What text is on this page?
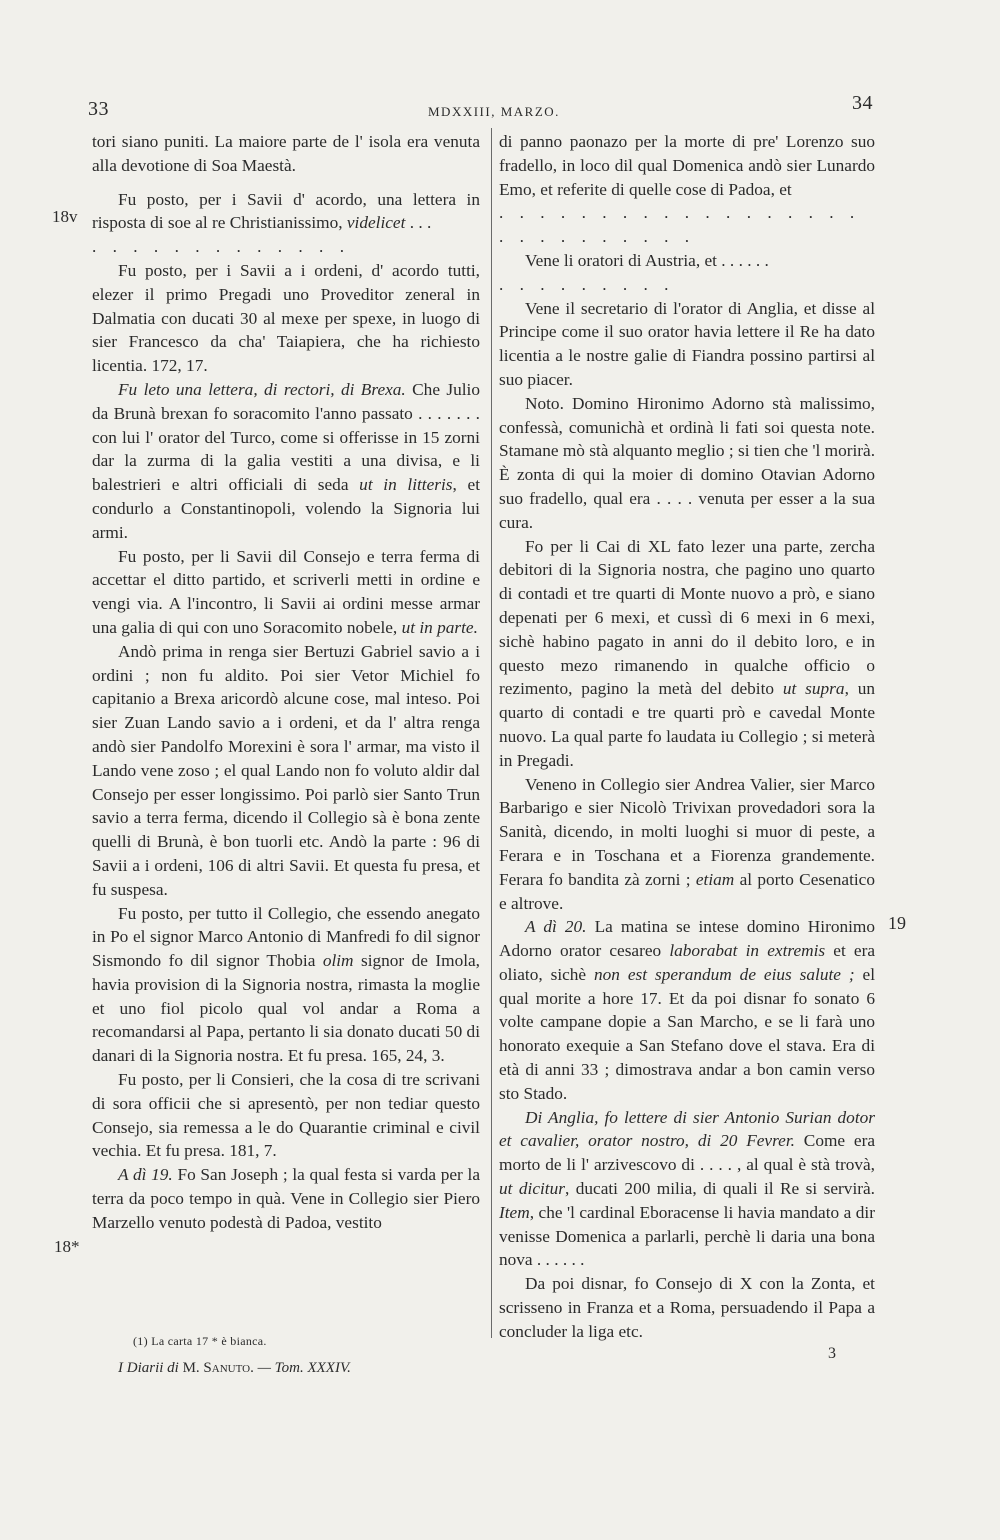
33	MDXXIII, MARZO.	34
18v
18*
19

tori siano puniti. La maiore parte de l' isola era venuta alla devotione di Soa Maestà.

Fu posto, per i Savii d' acordo, una lettera in risposta di soe al re Christianissimo, videlicet . . .

. . . . . . . . . . . . .

Fu posto, per i Savii a i ordeni, d' acordo tutti, elezer il primo Pregadi uno Proveditor zeneral in Dalmatia con ducati 30 al mexe per spexe, in luogo di sier Francesco da cha' Taiapiera, che ha richiesto licentia. 172, 17.

Fu leto una lettera, di rectori, di Brexa. Che Julio da Brunà brexan fo soracomito l'anno passato . . . . . . . con lui l' orator del Turco, come si offerisse in 15 zorni dar la zurma di la galia vestiti a una divisa, e li balestrieri e altri officiali di seda ut in litteris, et condurlo a Constantinopoli, volendo la Signoria lui armi.

Fu posto, per li Savii dil Consejo e terra ferma di accettar el ditto partido, et scriverli metti in ordine e vengi via. A l'incontro, li Savii ai ordini messe armar una galia di qui con uno Soracomito nobele, ut in parte.

Andò prima in renga sier Bertuzi Gabriel savio a i ordini ; non fu aldito. Poi sier Vetor Michiel fo capitanio a Brexa aricordò alcune cose, mal inteso. Poi sier Zuan Lando savio a i ordeni, et da l' altra renga andò sier Pandolfo Morexini è sora l' armar, ma visto il Lando vene zoso ; el qual Lando non fo voluto aldir dal Consejo per esser longissimo. Poi parlò sier Santo Trun savio a terra ferma, dicendo il Collegio sà è bona zente quelli di Brunà, è bon tuorli etc. Andò la parte : 96 di Savii a i ordeni, 106 di altri Savii. Et questa fu presa, et fu suspesa.

Fu posto, per tutto il Collegio, che essendo anegato in Po el signor Marco Antonio di Manfredi fo dil signor Sismondo fo dil signor Thobia olim signor de Imola, havia provision di la Signoria nostra, rimasta la moglie et uno fiol picolo qual vol andar a Roma a recomandarsi al Papa, pertanto li sia donato ducati 50 di danari di la Signoria nostra. Et fu presa. 165, 24, 3.

Fu posto, per li Consieri, che la cosa di tre scrivani di sora officii che si apresentò, per non tediar questo Consejo, sia remessa a le do Quarantie criminal e civil vechia. Et fu presa. 181, 7.

A dì 19. Fo San Joseph ; la qual festa si varda per la terra da poco tempo in quà. Vene in Collegio sier Piero Marzello venuto podestà di Padoa, vestito

di panno paonazo per la morte di pre' Lorenzo suo fradello, in loco dil qual Domenica andò sier Lunardo Emo, et referite di quelle cose di Padoa, et

. . . . . . . . . . . . . . . . . .

. . . . . . . . . .

Vene li oratori di Austria, et . . . . . .

. . . . . . . . .

Vene il secretario di l'orator di Anglia, et disse al Principe come il suo orator havia lettere il Re ha dato licentia a le nostre galie di Fiandra possino partirsi al suo piacer.

Noto. Domino Hironimo Adorno stà malissimo, confessà, comunichà et ordinà li fati soi questa note. Stamane mò stà alquanto meglio ; si tien che 'l morirà. È zonta di qui la moier di domino Otavian Adorno suo fradello, qual era . . . . venuta per esser a la sua cura.

Fo per li Cai di XL fato lezer una parte, zercha debitori di la Signoria nostra, che pagino uno quarto di contadi et tre quarti di Monte nuovo a prò, e siano depenati per 6 mexi, et cussì di 6 mexi in 6 mexi, sichè habino pagato in anni do il debito loro, e in questo mezo rimanendo in qualche officio o rezimento, pagino la metà del debito ut supra, un quarto di contadi e tre quarti prò e cavedal Monte nuovo. La qual parte fo laudata iu Collegio ; si meterà in Pregadi.

Veneno in Collegio sier Andrea Valier, sier Marco Barbarigo e sier Nicolò Trivixan provedadori sora la Sanità, dicendo, in molti luoghi si muor di peste, a Ferara e in Toschana et a Fiorenza grandemente. Ferara fo bandita zà zorni ; etiam al porto Cesenatico e altrove.

A dì 20. La matina se intese domino Hironimo Adorno orator cesareo laborabat in extremis et era oliato, sichè non est sperandum de eius salute ; el qual morite a hore 17. Et da poi disnar fo sonato 6 volte campane dopie a San Marcho, e se li farà uno honorato exequie a San Stefano dove el stava. Era di età di anni 33 ; dimostrava andar a bon camin verso sto Stado.

Di Anglia, fo lettere di sier Antonio Surian dotor et cavalier, orator nostro, di 20 Fevrer. Come era morto de li l' arzivescovo di . . . . , al qual è stà trovà, ut dicitur, ducati 200 milia, di quali il Re si servirà. Item, che 'l cardinal Eboracense li havia mandato a dir venisse Domenica a parlarli, perchè li daria una bona nova . . . . . .

Da poi disnar, fo Consejo di X con la Zonta, et scrisseno in Franza et a Roma, persuadendo il Papa a concluder la liga etc.

(1) La carta 17 * è bianca.
I Diarii di M. Sanuto. — Tom. XXXIV.
3
